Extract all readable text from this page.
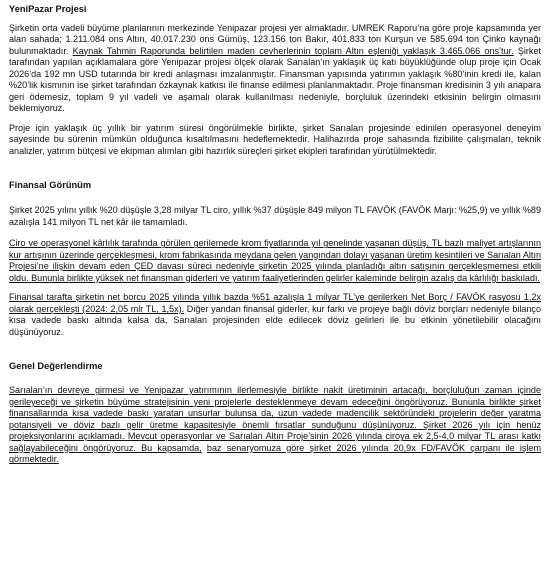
YeniPazar Projesi

Şirketin orta vadeli büyüme planlarının merkezinde Yenipazar projesi yer almaktadır. UMREK Raporu’na göre proje kapsamında yer alan sahada; 1.211.084 ons Altın, 40.017.230 ons Gümüş, 123.156 ton Bakır, 401.833 ton Kurşun ve 585.694 ton Çinko kaynağı bulunmaktadır. Kaynak Tahmin Raporunda belirtilen maden cevherlerinin toplam Altın eşleniği yaklaşık 3.465.066 ons’tur. Şirket tarafından yapılan açıklamalara göre Yenipazar projesi ölçek olarak Sarıalan’ın yaklaşık üç katı büyüklüğünde olup proje için Ocak 2026’da 192 mn USD tutarında bir kredi anlaşması imzalanmıştır. Finansman yapısında yatırımın yaklaşık %80’inin kredi ile, kalan %20’lik kısmının ise şirket tarafından özkaynak katkısı ile finanse edilmesi planlanmaktadır. Proje finansman kredisinin 3 yılı anapara geri ödemesiz, toplam 9 yıl vadeli ve aşamalı olarak kullanılması nedeniyle, borçluluk üzerindeki etkisinin belirgin olmasını beklemiyoruz.

Proje için yaklaşık üç yıllık bir yatırım süresi öngörülmekle birlikte, şirket Sarıalan projesinde edinilen operasyonel deneyim sayesinde bu sürenin mümkün olduğunca kısaltılmasını hedeflemektedir. Halihazırda proje sahasında fizibilite çalışmaları, teknik analizler, yatırım bütçesi ve ekipman alımları gibi hazırlık süreçleri şirket ekipleri tarafından yürütülmektedir.

Finansal Görünüm

Şirket 2025 yılını yıllık %20 düşüşle 3,28 milyar TL ciro, yıllık %37 düşüşle 849 milyon TL FAVÖK (FAVÖK Marjı: %25,9) ve yıllık %89 azalışla 141 milyon TL net kâr ile tamamladı.

Ciro ve operasyonel kârlılık tarafında görülen gerilemede krom fiyatlarında yıl genelinde yaşanan düşüş, TL bazlı maliyet artışlarının kur artışının üzerinde gerçekleşmesi, krom fabrikasında meydana gelen yangından dolayı yaşanan üretim kesintileri ve Sarıalan Altın Projesi’ne ilişkin devam eden ÇED davası süreci nedeniyle şirketin 2025 yılında planladığı altın satışının gerçekleşmemesi etkili oldu. Bununla birlikte yüksek net finansman giderleri ve yatırım faaliyetlerinden gelirler kaleminde belirgin azalış da kârlılığı baskıladı.

Finansal tarafta şirketin net borcu 2025 yılında yıllık bazda %51 azalışla 1 milyar TL’ye gerilerken Net Borç / FAVÖK rasyosu 1,2x olarak gerçekleşti (2024: 2,05 mlr TL, 1,5x). Diğer yandan finansal giderler, kur farkı ve projeye bağlı döviz borçları nedeniyle bilanço kısa vadede baskı altında kalsa da, Sarıalan projesinden elde edilecek döviz gelirleri ile bu etkinin yönetilebilir olacağını düşünüyoruz.

Genel Değerlendirme

Sarıalan’ın devreye girmesi ve Yenipazar yatırımının ilerlemesiyle birlikte nakit üretiminin artacağı, borçluluğun zaman içinde gerileyeceği ve şirketin büyüme stratejisinin yeni projelerle desteklenmeye devam edeceğini öngörüyoruz. Bununla birlikte şirket finansallarında kısa vadede baskı yaratan unsurlar bulunsa da, uzun vadede madencilik sektöründeki projelerin değer yaratma potansiyeli ve döviz bazlı gelir üretme kapasitesiyle önemli fırsatlar sunduğunu düşünüyoruz. Şirket 2026 yılı için henüz projeksiyonlarını açıklamadı. Mevcut operasyonlar ve Sarıalan Altın Proje’sinin 2026 yılında ciroya ek 2,5-4,0 milyar TL arası katkı sağlayabileceğini öngörüyoruz. Bu kapsamda, baz senaryomuza göre şirket 2026 yılında 20,9x FD/FAVÖK çarpanı ile işlem görmektedir.
